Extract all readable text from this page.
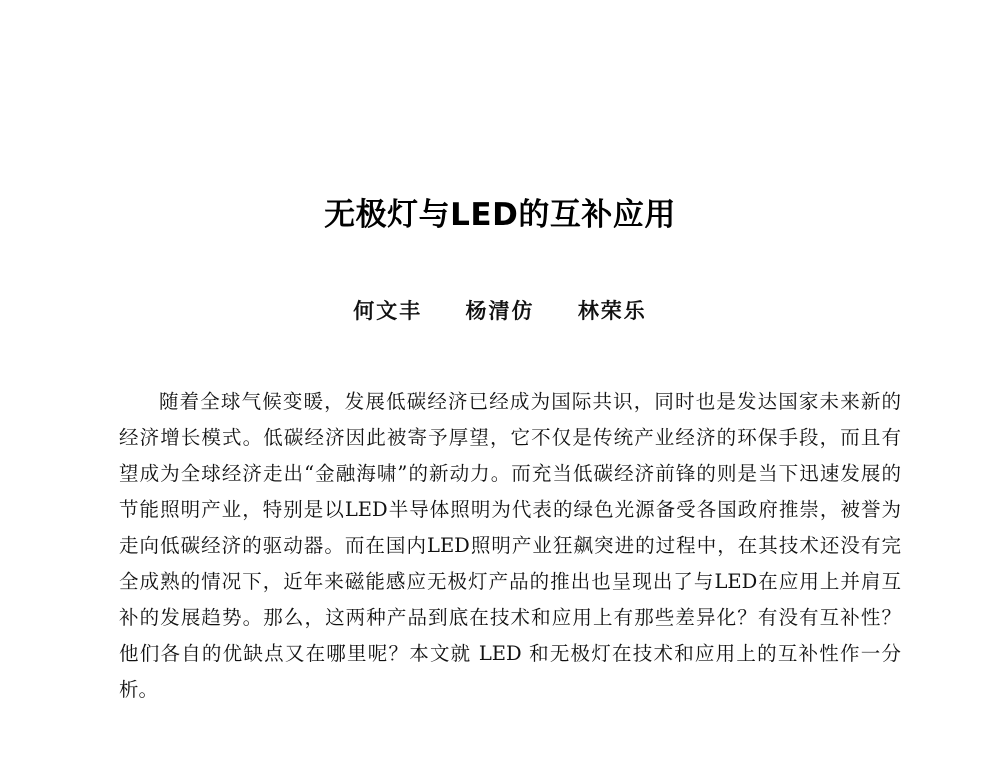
无极灯与LED的互补应用
何文丰 杨清仿 林荣乐
随着全球气候变暖，发展低碳经济已经成为国际共识，同时也是发达国家未来新的
经济增长模式。低碳经济因此被寄予厚望，它不仅是传统产业经济的环保手段，而且有
望成为全球经济走出“金融海啸”的新动力。而充当低碳经济前锋的则是当下迅速发展的
节能照明产业，特别是以LED半导体照明为代表的绿色光源备受各国政府推崇，被誉为
走向低碳经济的驱动器。而在国内LED照明产业狂飙突进的过程中，在其技术还没有完
全成熟的情况下，近年来磁能感应无极灯产品的推出也呈现出了与LED在应用上并肩互
补的发展趋势。那么，这两种产品到底在技术和应用上有那些差异化？有没有互补性？
他们各自的优缺点又在哪里呢？本文就 LED 和无极灯在技术和应用上的互补性作一分
析。
